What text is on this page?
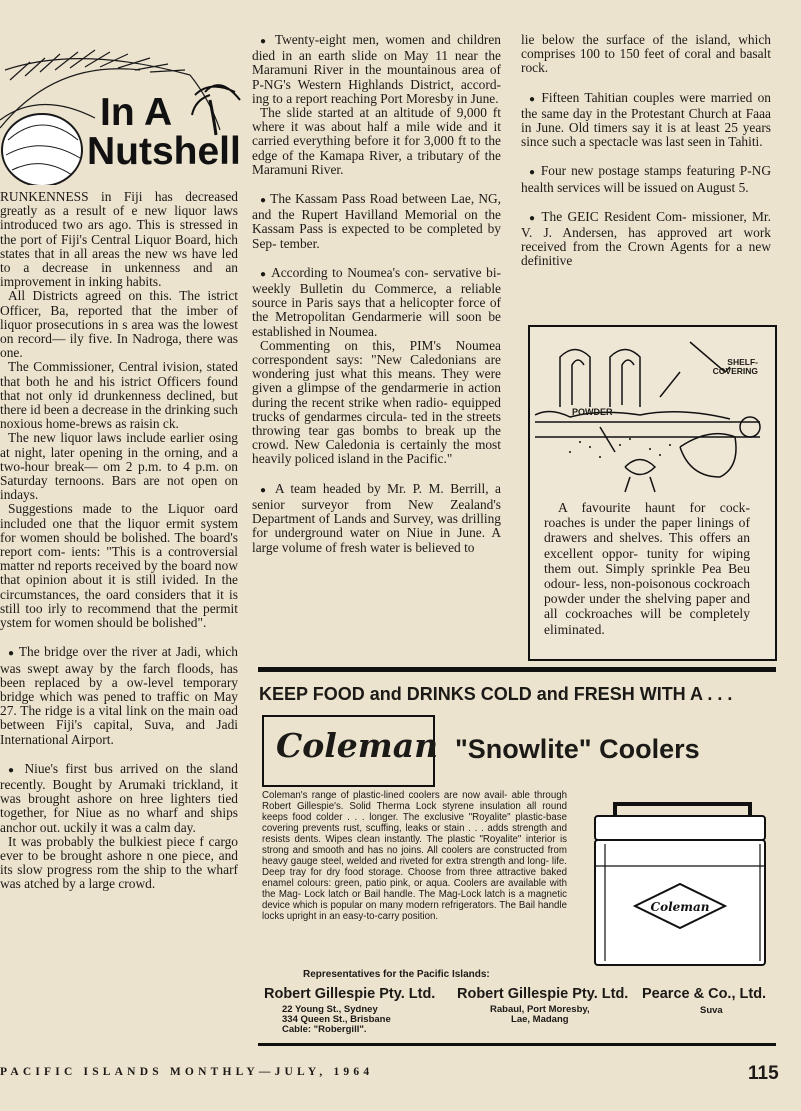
In A
Nutshell

RUNKENNESS in Fiji has decreased greatly as a result of e new liquor laws introduced two ars ago. This is stressed in the port of Fiji's Central Liquor Board, hich states that in all areas the new ws have led to a decrease in unkenness and an improvement in inking habits.

All Districts agreed on this. The istrict Officer, Ba, reported that the imber of liquor prosecutions in s area was the lowest on record— ily five. In Nadroga, there was one.

The Commissioner, Central ivision, stated that both he and his istrict Officers found that not only id drunkenness declined, but there id been a decrease in the drinking such noxious home-brews as raisin ck.

The new liquor laws include earlier osing at night, later opening in the orning, and a two-hour break— om 2 p.m. to 4 p.m. on Saturday ternoons. Bars are not open on indays.

Suggestions made to the Liquor oard included one that the liquor ermit system for women should be bolished. The board's report com- ients: "This is a controversial matter nd reports received by the board now that opinion about it is still ivided. In the circumstances, the oard considers that it is still too irly to recommend that the permit ystem for women should be bolished".

● The bridge over the river at Jadi, which was swept away by the farch floods, has been replaced by a ow-level temporary bridge which was pened to traffic on May 27. The ridge is a vital link on the main oad between Fiji's capital, Suva, and Jadi International Airport.

● Niue's first bus arrived on the sland recently. Bought by Arumaki trickland, it was brought ashore on hree lighters tied together, for Niue as no wharf and ships anchor out. uckily it was a calm day.

It was probably the bulkiest piece f cargo ever to be brought ashore n one piece, and its slow progress rom the ship to the wharf was atched by a large crowd.

● Twenty-eight men, women and children died in an earth slide on May 11 near the Maramuni River in the mountainous area of P-NG's Western Highlands District, accord- ing to a report reaching Port Moresby in June.

The slide started at an altitude of 9,000 ft where it was about half a mile wide and it carried everything before it for 3,000 ft to the edge of the Kamapa River, a tributary of the Maramuni River.

● The Kassam Pass Road between Lae, NG, and the Rupert Havilland Memorial on the Kassam Pass is expected to be completed by Sep- tember.

● According to Noumea's con- servative bi-weekly Bulletin du Commerce, a reliable source in Paris says that a helicopter force of the Metropolitan Gendarmerie will soon be established in Noumea.

Commenting on this, PIM's Noumea correspondent says: "New Caledonians are wondering just what this means. They were given a glimpse of the gendarmerie in action during the recent strike when radio- equipped trucks of gendarmes circula- ted in the streets throwing tear gas bombs to break up the crowd. New Caledonia is certainly the most heavily policed island in the Pacific."

● A team headed by Mr. P. M. Berrill, a senior surveyor from New Zealand's Department of Lands and Survey, was drilling for underground water on Niue in June. A large volume of fresh water is believed to

lie below the surface of the island, which comprises 100 to 150 feet of coral and basalt rock.

● Fifteen Tahitian couples were married on the same day in the Protestant Church at Faaa in June. Old timers say it is at least 25 years since such a spectacle was last seen in Tahiti.

● Four new postage stamps featuring P-NG health services will be issued on August 5.

● The GEIC Resident Com- missioner, Mr. V. J. Andersen, has approved art work received from the Crown Agents for a new definitive

SHELF-COVERING
POWDER
A favourite haunt for cock- roaches is under the paper linings of drawers and shelves. This offers an excellent oppor- tunity for wiping them out. Simply sprinkle Pea Beu odour- less, non-poisonous cockroach powder under the shelving paper and all cockroaches will be completely eliminated.
KEEP FOOD and DRINKS COLD and FRESH WITH A . . .
Coleman "Snowlite" Coolers
Coleman's range of plastic-lined coolers are now avail- able through Robert Gillespie's. Solid Therma Lock styrene insulation all round keeps food colder . . . longer. The exclusive "Royalite" plastic-base covering prevents rust, scuffing, leaks or stain . . . adds strength and resists dents. Wipes clean instantly. The plastic "Royalite" interior is strong and smooth and has no joins. All coolers are constructed from heavy gauge steel, welded and riveted for extra strength and long- life. Deep tray for dry food storage. Choose from three attractive baked enamel colours: green, patio pink, or aqua. Coolers are available with the Mag- Lock latch or Bail handle. The Mag-Lock latch is a magnetic device which is popular on many modern refrigerators. The Bail handle locks upright in an easy-to-carry position.
Coleman
Representatives for the Pacific Islands:
Robert Gillespie Pty. Ltd.
22 Young St., Sydney
334 Queen St., Brisbane
Cable: "Robergill".
Robert Gillespie Pty. Ltd.
Rabaul, Port Moresby,
Lae, Madang
Pearce & Co., Ltd.
Suva
PACIFIC ISLANDS MONTHLY—JULY, 1964	115
